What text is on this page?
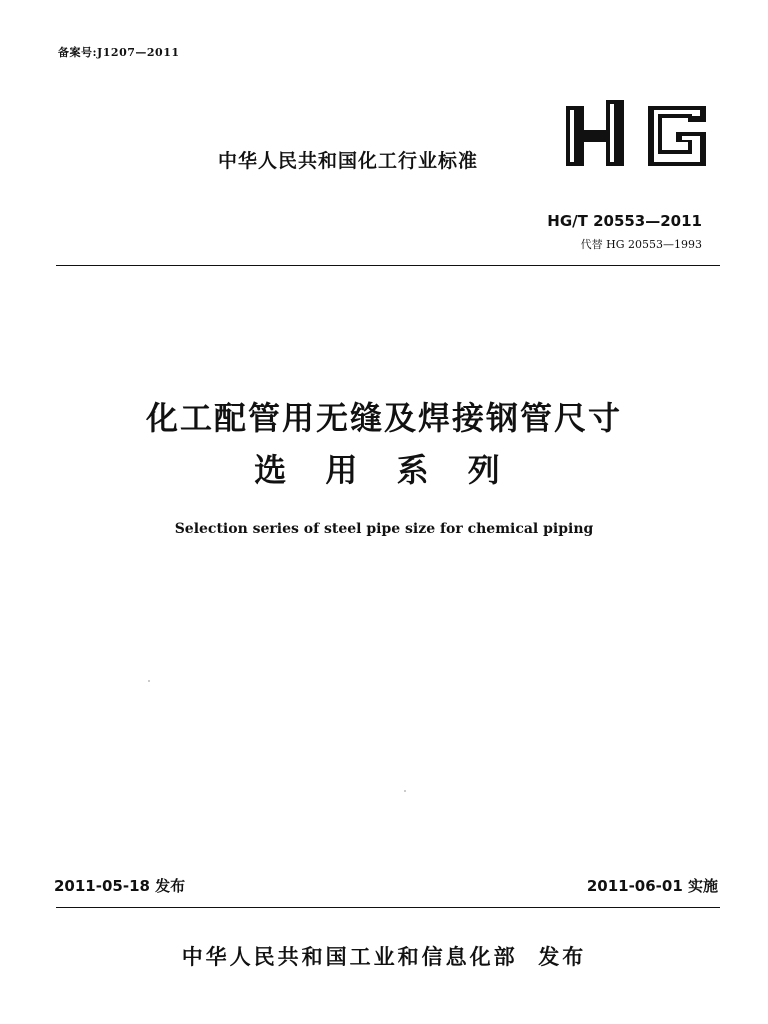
备案号:J1207—2011
中华人民共和国化工行业标准
HG/T 20553—2011
代替 HG 20553—1993
化工配管用无缝及焊接钢管尺寸
选 用 系 列
Selection series of steel pipe size for chemical piping
2011-05-18 发布	2011-06-01 实施
中华人民共和国工业和信息化部  发布
